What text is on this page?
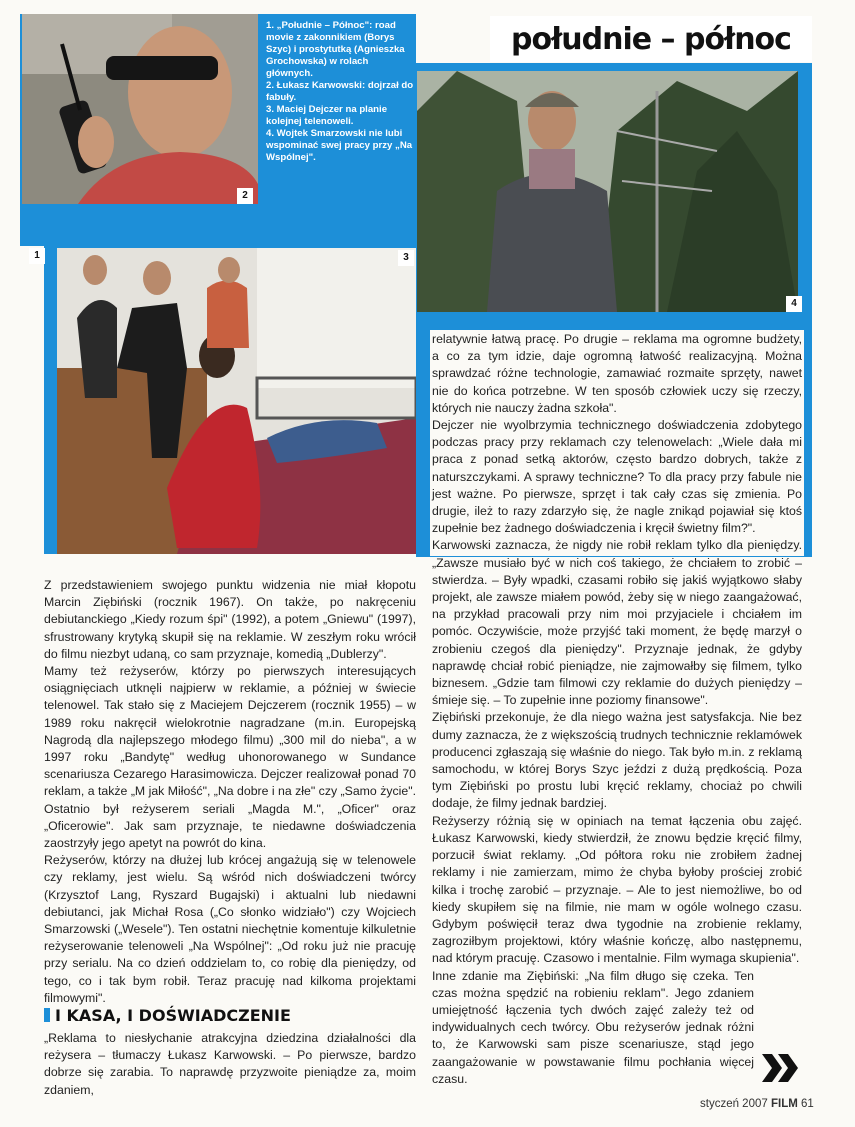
2

1. „Południe – Północ": road movie z zakonnikiem (Borys Szyc) i prostytutką (Agnieszka Grochowska) w rolach głównych.

2. Łukasz Karwowski: dojrzał do fabuły.

3. Maciej Dejczer na planie kolejnej telenoweli.

4. Wojtek Smarzowski nie lubi wspominać swej pracy przy „Na Wspólnej".

południe – północ
4
1	3

Z przedstawieniem swojego punktu widzenia nie miał kłopotu Marcin Ziębiński (rocznik 1967). On także, po nakręceniu debiutanckiego „Kiedy rozum śpi" (1992), a potem „Gniewu" (1997), sfrustrowany krytyką skupił się na reklamie. W zeszłym roku wrócił do filmu niezbyt udaną, co sam przyznaje, komedią „Dublerzy".

Mamy też reżyserów, którzy po pierwszych interesujących osiągnięciach utknęli najpierw w reklamie, a później w świecie telenowel. Tak stało się z Maciejem Dejczerem (rocznik 1955) – w 1989 roku nakręcił wielokrotnie nagradzane (m.in. Europejską Nagrodą dla najlepszego młodego filmu) „300 mil do nieba", a w 1997 roku „Bandytę" według uhonorowanego w Sundance scenariusza Cezarego Harasimowicza. Dejczer realizował ponad 70 reklam, a także „M jak Miłość", „Na dobre i na złe" czy „Samo życie". Ostatnio był reżyserem seriali „Magda M.", „Oficer" oraz „Oficerowie". Jak sam przyznaje, te niedawne doświadczenia zaostrzyły jego apetyt na powrót do kina.

Reżyserów, którzy na dłużej lub krócej angażują się w telenowele czy reklamy, jest wielu. Są wśród nich doświadczeni twórcy (Krzysztof Lang, Ryszard Bugajski) i aktualni lub niedawni debiutanci, jak Michał Rosa („Co słonko widziało") czy Wojciech Smarzowski („Wesele"). Ten ostatni niechętnie komentuje kilkuletnie reżyserowanie telenoweli „Na Wspólnej": „Od roku już nie pracuję przy serialu. Na co dzień oddzielam to, co robię dla pieniędzy, od tego, co i tak bym robił. Teraz pracuję nad kilkoma projektami filmowymi".

I KASA, I DOŚWIADCZENIE

„Reklama to niesłychanie atrakcyjna dziedzina działalności dla reżysera – tłumaczy Łukasz Karwowski. – Po pierwsze, bardzo dobrze się zarabia. To naprawdę przyzwoite pieniądze za, moim zdaniem,

relatywnie łatwą pracę. Po drugie – reklama ma ogromne budżety, a co za tym idzie, daje ogromną łatwość realizacyjną. Można sprawdzać różne technologie, zamawiać rozmaite sprzęty, nawet nie do końca potrzebne. W ten sposób człowiek uczy się rzeczy, których nie nauczy żadna szkoła".

Dejczer nie wyolbrzymia technicznego doświadczenia zdobytego podczas pracy przy reklamach czy telenowelach: „Wiele dała mi praca z ponad setką aktorów, często bardzo dobrych, także z naturszczykami. A sprawy techniczne? To dla pracy przy fabule nie jest ważne. Po pierwsze, sprzęt i tak cały czas się zmienia. Po drugie, ileż to razy zdarzyło się, że nagle znikąd pojawiał się ktoś zupełnie bez żadnego doświadczenia i kręcił świetny film?".

Karwowski zaznacza, że nigdy nie robił reklam tylko dla pieniędzy. „Zawsze musiało być w nich coś takiego, że chciałem to zrobić – stwierdza. – Były wpadki, czasami robiło się jakiś wyjątkowo słaby projekt, ale zawsze miałem powód, żeby się w niego zaangażować, na przykład pracowali przy nim moi przyjaciele i chciałem im pomóc. Oczywiście, może przyjść taki moment, że będę marzył o zrobieniu czegoś dla pieniędzy". Przyznaje jednak, że gdyby naprawdę chciał robić pieniądze, nie zajmowałby się filmem, tylko biznesem. „Gdzie tam filmowi czy reklamie do dużych pieniędzy – śmieje się. – To zupełnie inne poziomy finansowe".

Ziębiński przekonuje, że dla niego ważna jest satysfakcja. Nie bez dumy zaznacza, że z większością trudnych technicznie reklamówek producenci zgłaszają się właśnie do niego. Tak było m.in. z reklamą samochodu, w której Borys Szyc jeździ z dużą prędkością. Poza tym Ziębiński po prostu lubi kręcić reklamy, chociaż po chwili dodaje, że filmy jednak bardziej.

Reżyserzy różnią się w opiniach na temat łączenia obu zajęć. Łukasz Karwowski, kiedy stwierdził, że znowu będzie kręcić filmy, porzucił świat reklamy. „Od półtora roku nie zrobiłem żadnej reklamy i nie zamierzam, mimo że chyba byłoby prościej zrobić kilka i trochę zarobić – przyznaje. – Ale to jest niemożliwe, bo od kiedy skupiłem się na filmie, nie mam w ogóle wolnego czasu. Gdybym poświęcił teraz dwa tygodnie na zrobienie reklamy, zagroziłbym projektowi, który właśnie kończę, albo następnemu, nad którym pracuję. Czasowo i mentalnie. Film wymaga skupienia".

Inne zdanie ma Ziębiński: „Na film długo się czeka. Ten czas można spędzić na robieniu reklam". Jego zdaniem umiejętność łączenia tych dwóch zajęć zależy też od indywidualnych cech twórcy. Obu reżyserów jednak różni to, że Karwowski sam pisze scenariusze, stąd jego zaangażowanie w powstawanie filmu pochłania więcej czasu.

styczeń 2007 FILM 61
